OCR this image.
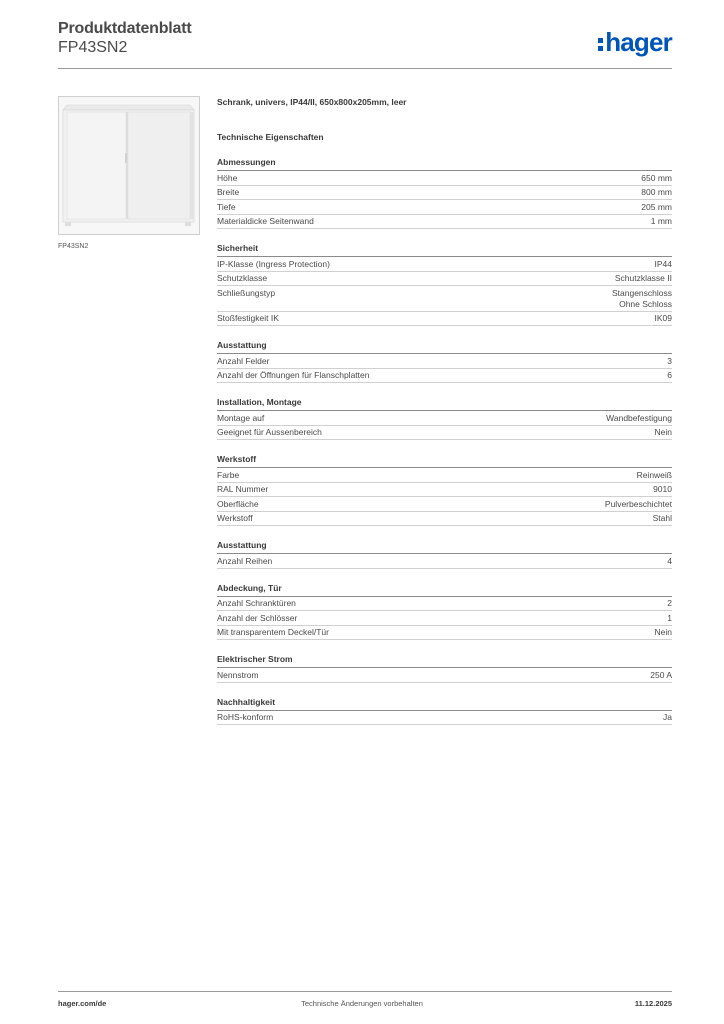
Produktdatenblatt
FP43SN2	hager
FP43SN2
Schrank, univers, IP44/II, 650x800x205mm, leer
Technische Eigenschaften
Abmessungen
Höhe	650 mm
Breite	800 mm
Tiefe	205 mm
Materialdicke Seitenwand	1 mm
Sicherheit
IP-Klasse (Ingress Protection)	IP44
Schutzklasse	Schutzklasse II
Schließungstyp	Stangenschloss
Ohne Schloss
Stoßfestigkeit IK	IK09
Ausstattung
Anzahl Felder	3
Anzahl der Öffnungen für Flanschplatten	6
Installation, Montage
Montage auf	Wandbefestigung
Geeignet für Aussenbereich	Nein
Werkstoff
Farbe	Reinweiß
RAL Nummer	9010
Oberfläche	Pulverbeschichtet
Werkstoff	Stahl
Ausstattung
Anzahl Reihen	4
Abdeckung, Tür
Anzahl Schranktüren	2
Anzahl der Schlösser	1
Mit transparentem Deckel/Tür	Nein
Elektrischer Strom
Nennstrom	250 A
Nachhaltigkeit
RoHS-konform	Ja
hager.com/de	Technische Änderungen vorbehalten	11.12.2025
